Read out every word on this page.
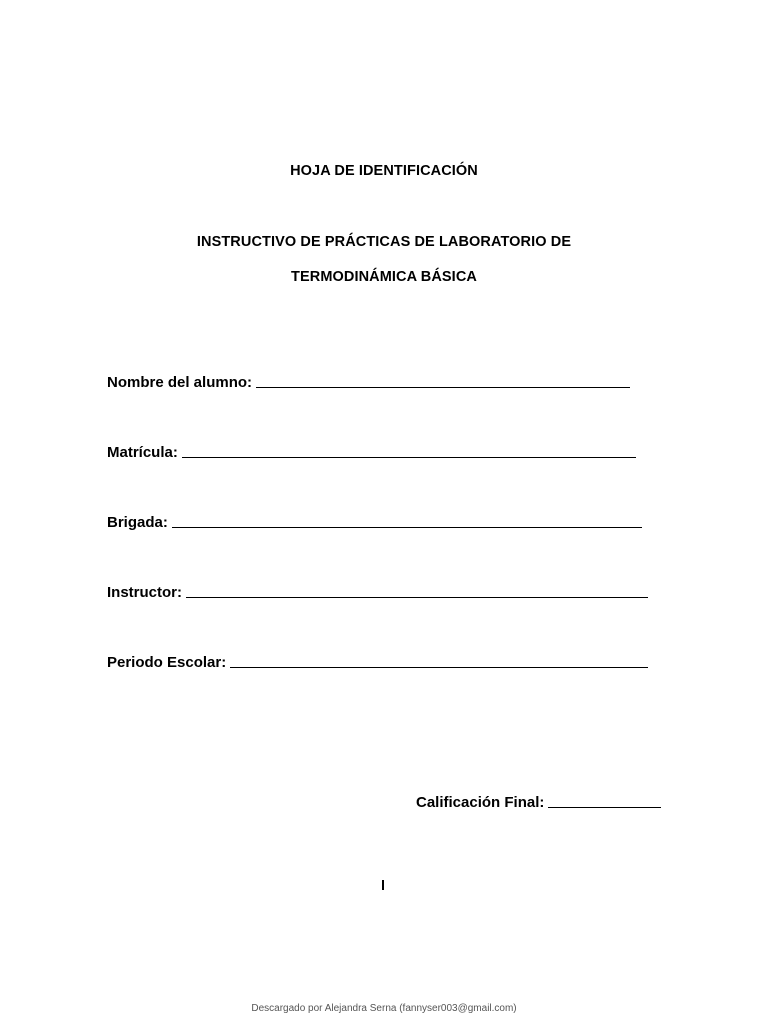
HOJA DE IDENTIFICACIÓN
INSTRUCTIVO DE PRÁCTICAS DE LABORATORIO DE
TERMODINÁMICA BÁSICA
Nombre del alumno:
Matrícula:
Brigada:
Instructor:
Periodo Escolar:
Calificación Final:
Descargado por Alejandra Serna (fannyser003@gmail.com)
